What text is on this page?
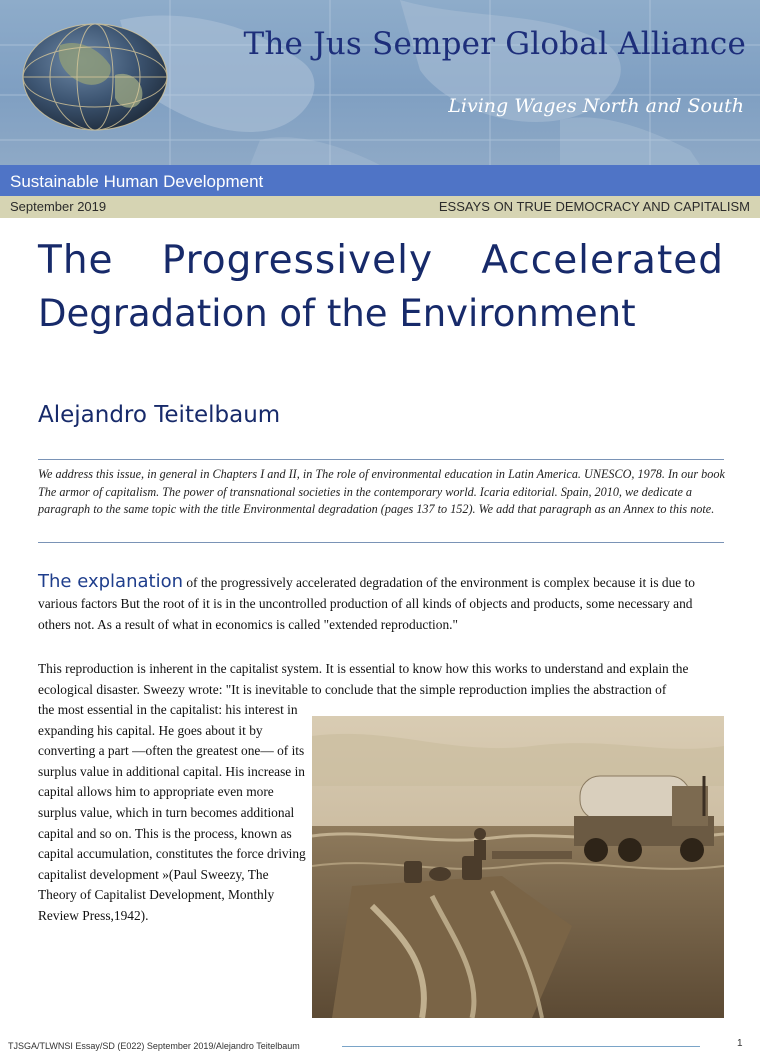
The Jus Semper Global Alliance
Living Wages North and South
Sustainable Human Development
September 2019	ESSAYS ON TRUE DEMOCRACY AND CAPITALISM
The Progressively Accelerated
Degradation of the Environment
Alejandro Teitelbaum
We address this issue, in general in Chapters I and II, in The role of environmental education in Latin America. UNESCO, 1978. In our book The armor of capitalism. The power of transnational societies in the contemporary world. Icaria editorial. Spain, 2010, we dedicate a paragraph to the same topic with the title Environmental degradation (pages 137 to 152). We add that paragraph as an Annex to this note.
The explanation of the progressively accelerated degradation of the environment is complex because it is due to various factors But the root of it is in the uncontrolled production of all kinds of objects and products, some necessary and others not. As a result of what in economics is called "extended reproduction."
This reproduction is inherent in the capitalist system. It is essential to know how this works to understand and explain the ecological disaster. Sweezy wrote: "It is inevitable to conclude that the simple reproduction implies the abstraction of
the most essential in the capitalist: his interest in expanding his capital. He goes about it by converting a part —often the greatest one— of its surplus value in additional capital. His increase in capital allows him to appropriate even more surplus value, which in turn becomes additional capital and so on. This is the process, known as capital accumulation, constitutes the force driving capitalist development »(Paul Sweezy, The Theory of Capitalist Development, Monthly Review Press,1942).
TJSGA/TLWNSI Essay/SD (E022) September 2019/Alejandro Teitelbaum	1
